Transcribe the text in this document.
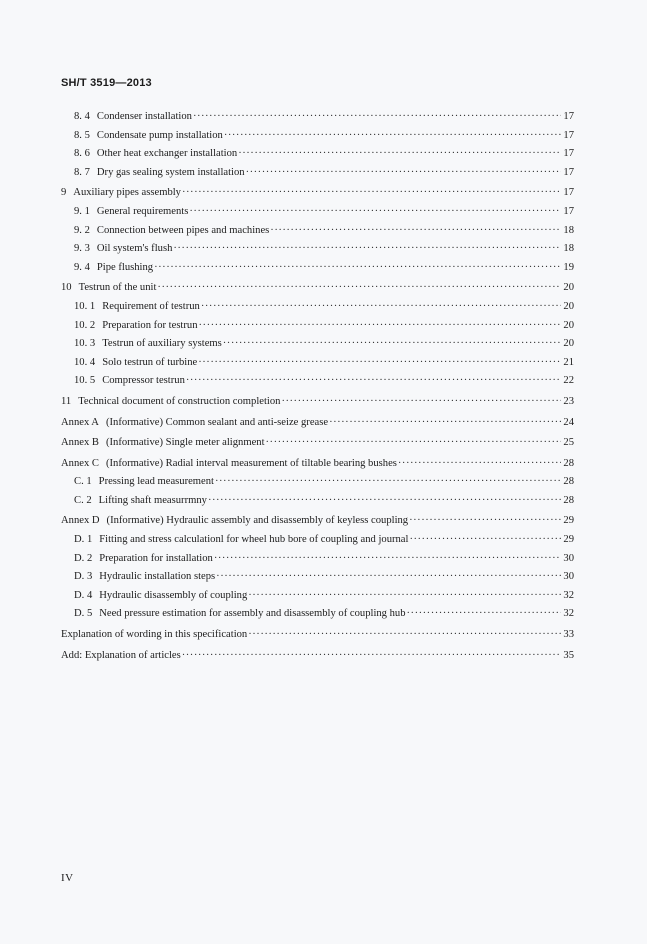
SH/T 3519—2013
8. 4 Condenser installation ·····	17
8. 5 Condensate pump installation ·····	17
8. 6 Other heat exchanger installation ·····	17
8. 7 Dry gas sealing system installation ·····	17
9 Auxiliary pipes assembly ·····	17
9. 1 General requirements ·····	17
9. 2 Connection between pipes and machines ·····	18
9. 3 Oil system's flush ·····	18
9. 4 Pipe flushing ·····	19
10 Testrun of the unit ·····	20
10. 1 Requirement of testrun ·····	20
10. 2 Preparation for testrun ·····	20
10. 3 Testrun of auxiliary systems ·····	20
10. 4 Solo testrun of turbine ·····	21
10. 5 Compressor testrun ·····	22
11 Technical document of construction completion ·····	23
Annex A (Informative) Common sealant and anti-seize grease ·····	24
Annex B (Informative) Single meter alignment ·····	25
Annex C (Informative) Radial interval measurement of tiltable bearing bushes ·····	28
C. 1 Pressing lead measurement ·····	28
C. 2 Lifting shaft measurrmny ·····	28
Annex D (Informative) Hydraulic assembly and disassembly of keyless coupling ·····	29
D. 1 Fitting and stress calculationl for wheel hub bore of coupling and journal ·····	29
D. 2 Preparation for installation ·····	30
D. 3 Hydraulic installation steps ·····	30
D. 4 Hydraulic disassembly of coupling ·····	32
D. 5 Need pressure estimation for assembly and disassembly of coupling hub ·····	32
Explanation of wording in this specification ·····	33
Add: Explanation of articles ·····	35
IV
